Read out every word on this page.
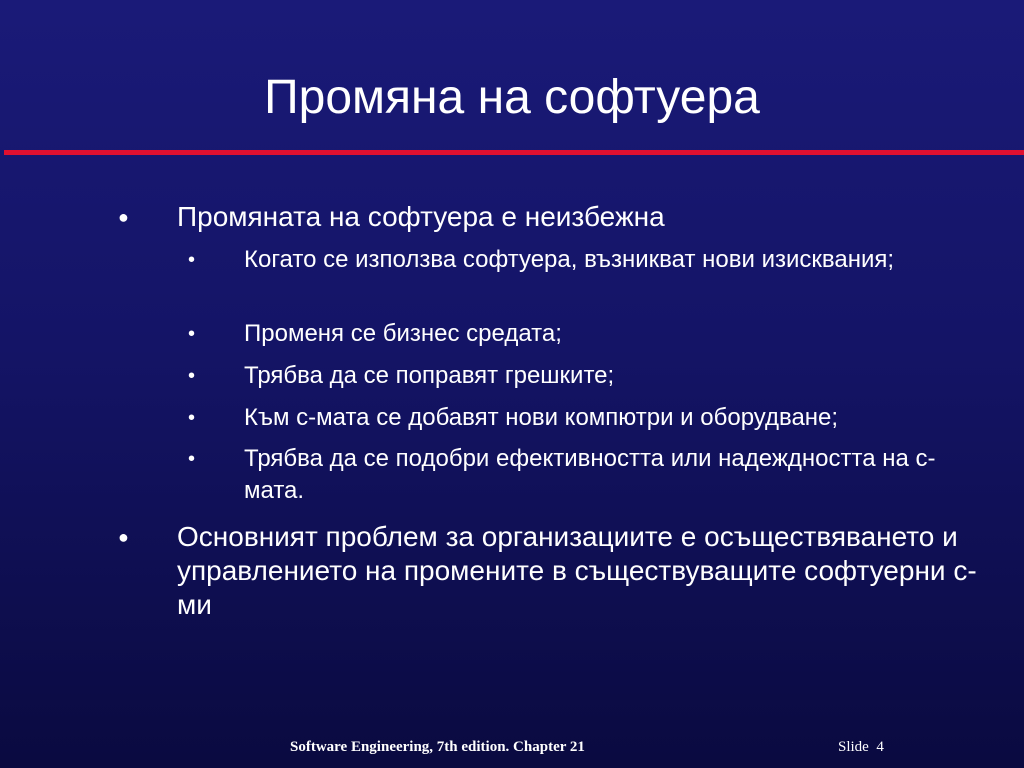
Промяна на софтуера
● Промяната на софтуера е неизбежна
• Когато се използва софтуера, възникват нови изисквания;
• Променя се бизнес средата;
• Трябва да се поправят грешките;
• Към с-мата се добавят нови компютри и оборудване;
• Трябва да се подобри ефективността или надеждността на с-мата.
● Основният проблем за организациите е осъществяването и управлението на промените в съществуващите софтуерни с-ми
Software Engineering, 7th edition. Chapter 21	Slide  4
